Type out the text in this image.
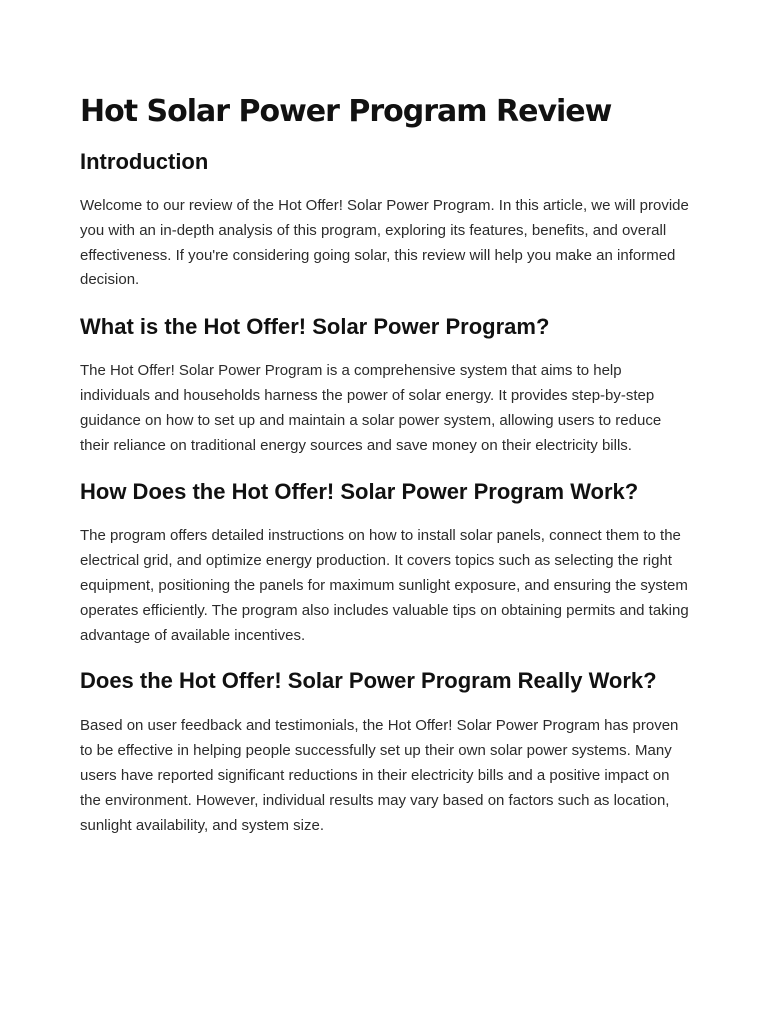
Hot Solar Power Program Review
Introduction

Welcome to our review of the Hot Offer! Solar Power Program. In this article, we will provide you with an in-depth analysis of this program, exploring its features, benefits, and overall effectiveness. If you're considering going solar, this review will help you make an informed decision.

What is the Hot Offer! Solar Power Program?

The Hot Offer! Solar Power Program is a comprehensive system that aims to help individuals and households harness the power of solar energy. It provides step-by-step guidance on how to set up and maintain a solar power system, allowing users to reduce their reliance on traditional energy sources and save money on their electricity bills.

How Does the Hot Offer! Solar Power Program Work?

The program offers detailed instructions on how to install solar panels, connect them to the electrical grid, and optimize energy production. It covers topics such as selecting the right equipment, positioning the panels for maximum sunlight exposure, and ensuring the system operates efficiently. The program also includes valuable tips on obtaining permits and taking advantage of available incentives.

Does the Hot Offer! Solar Power Program Really Work?

Based on user feedback and testimonials, the Hot Offer! Solar Power Program has proven to be effective in helping people successfully set up their own solar power systems. Many users have reported significant reductions in their electricity bills and a positive impact on the environment. However, individual results may vary based on factors such as location, sunlight availability, and system size.
